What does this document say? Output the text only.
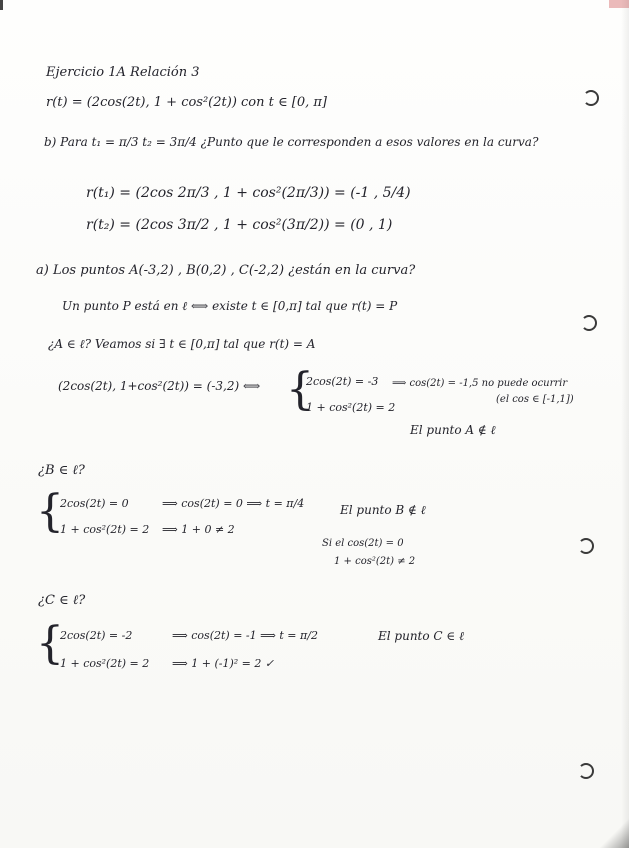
Ejercicio 1A Relación 3
r(t) = (2cos(2t), 1 + cos²(2t)) con t ∈ [0, π]
b) Para t₁ = π/3 t₂ = 3π/4 ¿Punto que le corresponden a esos valores en la curva?
r(t₁) = (2cos 2π/3 , 1 + cos²(2π/3)) = (-1 , 5/4)
r(t₂) = (2cos 3π/2 , 1 + cos²(3π/2)) = (0 , 1)
a) Los puntos A(-3,2) , B(0,2) , C(-2,2) ¿están en la curva?
Un punto P está en ℓ ⟺ existe t ∈ [0,π] tal que r(t) = P
¿A ∈ ℓ? Veamos si ∃ t ∈ [0,π] tal que r(t) = A
(2cos(2t), 1+cos²(2t)) = (-3,2) ⟺ {
2cos(2t) = -3
1 + cos²(2t) = 2
⟹ cos(2t) = -1,5 no puede ocurrir
(el cos ∈ [-1,1])
El punto A ∉ ℓ
¿B ∈ ℓ?
{
2cos(2t) = 0
1 + cos²(2t) = 2
⟹ cos(2t) = 0 ⟹ t = π/4
⟹ 1 + 0 ≠ 2
El punto B ∉ ℓ
Si el cos(2t) = 0
1 + cos²(2t) ≠ 2
¿C ∈ ℓ?
{
2cos(2t) = -2
1 + cos²(2t) = 2
⟹ cos(2t) = -1 ⟹ t = π/2
⟹ 1 + (-1)² = 2 ✓
El punto C ∈ ℓ
